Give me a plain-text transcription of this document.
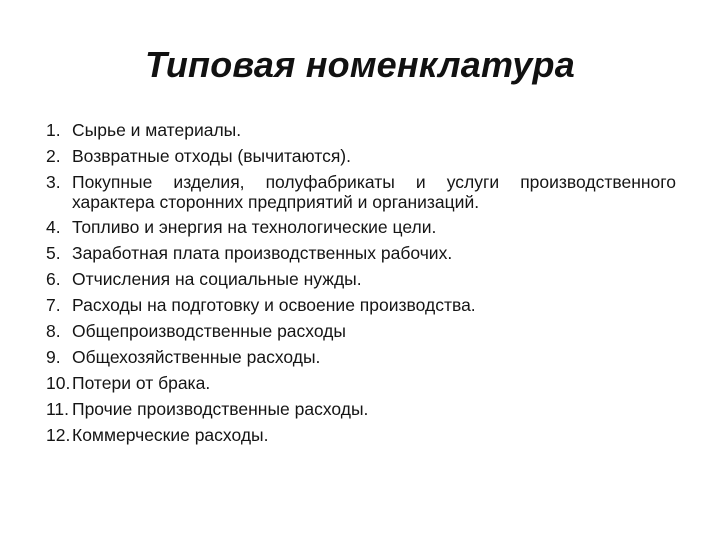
Типовая номенклатура
1. Сырье и материалы.
2. Возвратные отходы (вычитаются).
3. Покупные изделия, полуфабрикаты и услуги производственного характера сторонних предприятий и организаций.
4. Топливо и энергия на технологические цели.
5. Заработная плата производственных рабочих.
6. Отчисления на социальные нужды.
7. Расходы на подготовку и освоение производства.
8. Общепроизводственные расходы
9. Общехозяйственные расходы.
10. Потери от брака.
11. Прочие производственные расходы.
12. Коммерческие расходы.
